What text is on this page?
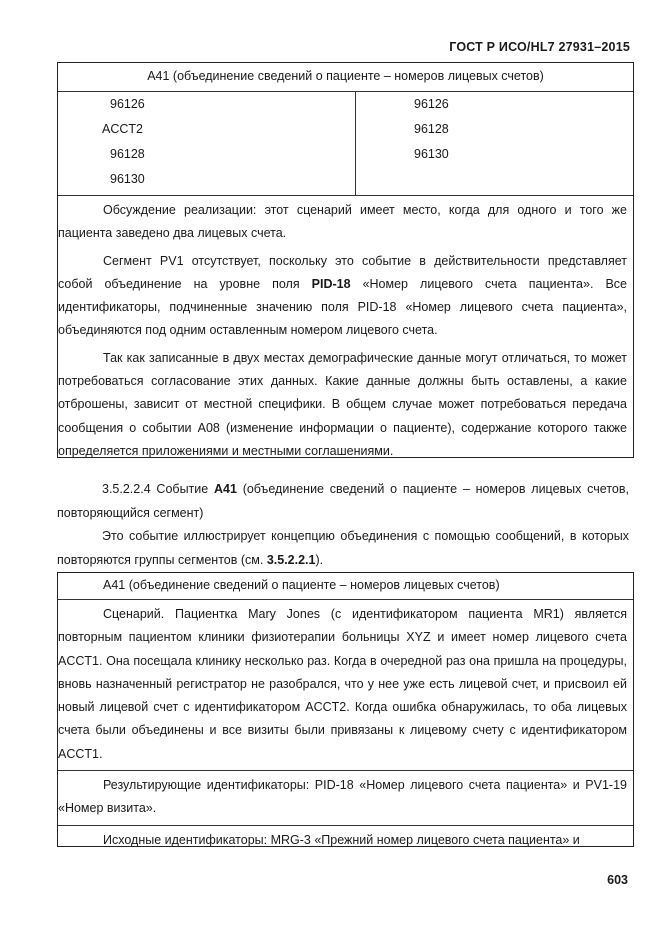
ГОСТ Р ИСО/HL7 27931–2015
А41 (объединение сведений о пациенте – номеров лицевых счетов)
96126
ACCT2
96128
96130
96126
96128
96130

Обсуждение реализации: этот сценарий имеет место, когда для одного и того же пациента заведено два лицевых счета.

Сегмент PV1 отсутствует, поскольку это событие в действительности представляет собой объединение на уровне поля PID-18 «Номер лицевого счета пациента». Все идентификаторы, подчиненные значению поля PID-18 «Номер лицевого счета пациента», объединяются под одним оставленным номером лицевого счета.

Так как записанные в двух местах демографические данные могут отличаться, то может потребоваться согласование этих данных. Какие данные должны быть оставлены, а какие отброшены, зависит от местной специфики. В общем случае может потребоваться передача сообщения о событии А08 (изменение информации о пациенте), содержание которого также определяется приложениями и местными соглашениями.

3.5.2.2.4 Событие А41 (объединение сведений о пациенте – номеров лицевых счетов, повторяющийся сегмент)

Это событие иллюстрирует концепцию объединения с помощью сообщений, в которых повторяются группы сегментов (см. 3.5.2.2.1).

А41 (объединение сведений о пациенте – номеров лицевых счетов)

Сценарий. Пациентка Mary Jones (с идентификатором пациента MR1) является повторным пациентом клиники физиотерапии больницы XYZ и имеет номер лицевого счета ACCT1. Она посещала клинику несколько раз. Когда в очередной раз она пришла на процедуры, вновь назначенный регистратор не разобрался, что у нее уже есть лицевой счет, и присвоил ей новый лицевой счет с идентификатором ACCT2. Когда ошибка обнаружилась, то оба лицевых счета были объединены и все визиты были привязаны к лицевому счету с идентификатором ACCT1.

Результирующие идентификаторы: PID-18 «Номер лицевого счета пациента» и PV1-19 «Номер визита».

Исходные идентификаторы: MRG-3 «Прежний номер лицевого счета пациента» и

603
